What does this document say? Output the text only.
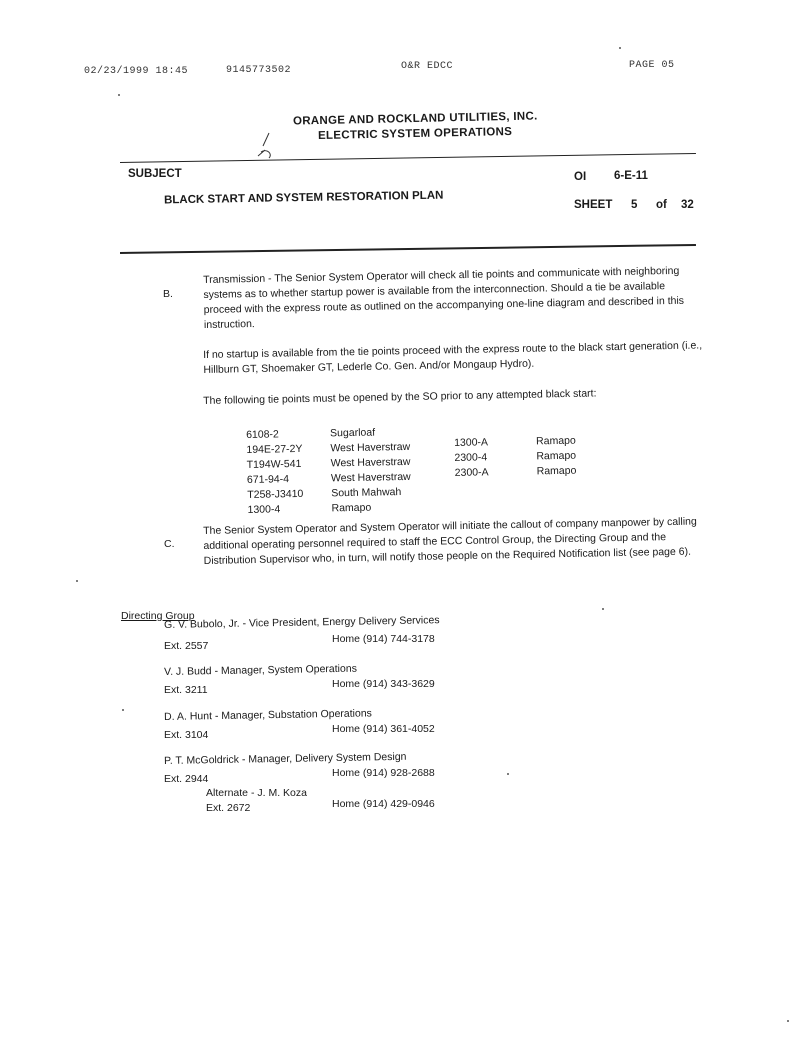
02/23/1999 18:45	9145773502	O&R EDCC	PAGE 05
ORANGE AND ROCKLAND UTILITIES, INC.
ELECTRIC SYSTEM OPERATIONS
SUBJECT
BLACK START AND SYSTEM RESTORATION PLAN
OI 6-E-11
SHEET 5 of 32
B.
Transmission - The Senior System Operator will check all tie points and communicate with neighboring systems as to whether startup power is available from the interconnection. Should a tie be available proceed with the express route as outlined on the accompanying one-line diagram and described in this instruction.
If no startup is available from the tie points proceed with the express route to the black start generation (i.e., Hillburn GT, Shoemaker GT, Lederle Co. Gen. And/or Mongaup Hydro).
The following tie points must be opened by the SO prior to any attempted black start:
6108-2	Sugarloaf
194E-27-2Y	West Haverstraw
T194W-541	West Haverstraw
671-94-4	West Haverstraw
T258-J3410	South Mahwah
1300-4	Ramapo
1300-A	Ramapo
2300-4	Ramapo
2300-A	Ramapo
C.
The Senior System Operator and System Operator will initiate the callout of company manpower by calling additional operating personnel required to staff the ECC Control Group, the Directing Group and the Distribution Supervisor who, in turn, will notify those people on the Required Notification list (see page 6).
Directing Group
G. V. Bubolo, Jr. - Vice President, Energy Delivery Services
Ext. 2557
Home (914) 744-3178
V. J. Budd - Manager, System Operations
Ext. 3211	Home (914) 343-3629
D. A. Hunt - Manager, Substation Operations
Ext. 3104	Home (914) 361-4052
P. T. McGoldrick - Manager, Delivery System Design
Ext. 2944	Home (914) 928-2688
Alternate - J. M. Koza
Ext. 2672	Home (914) 429-0946
